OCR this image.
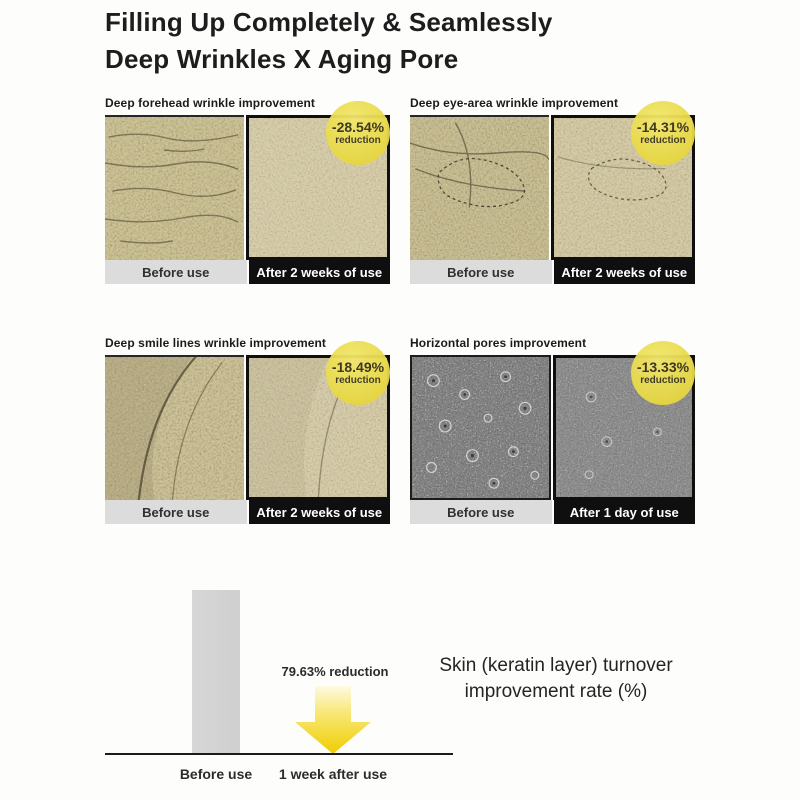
Filling Up Completely & Seamlessly
Deep Wrinkles X Aging Pore
Deep forehead wrinkle improvement
-28.54%
reduction
Before use	After 2 weeks of use
Deep eye-area wrinkle improvement
-14.31%
reduction
Before use	After 2 weeks of use
Deep smile lines wrinkle improvement
-18.49%
reduction
Before use	After 2 weeks of use
Horizontal pores improvement
-13.33%
reduction
Before use	After 1 day of use
79.63% reduction	Skin (keratin layer) turnover
improvement rate (%)
Before use	1 week after use
